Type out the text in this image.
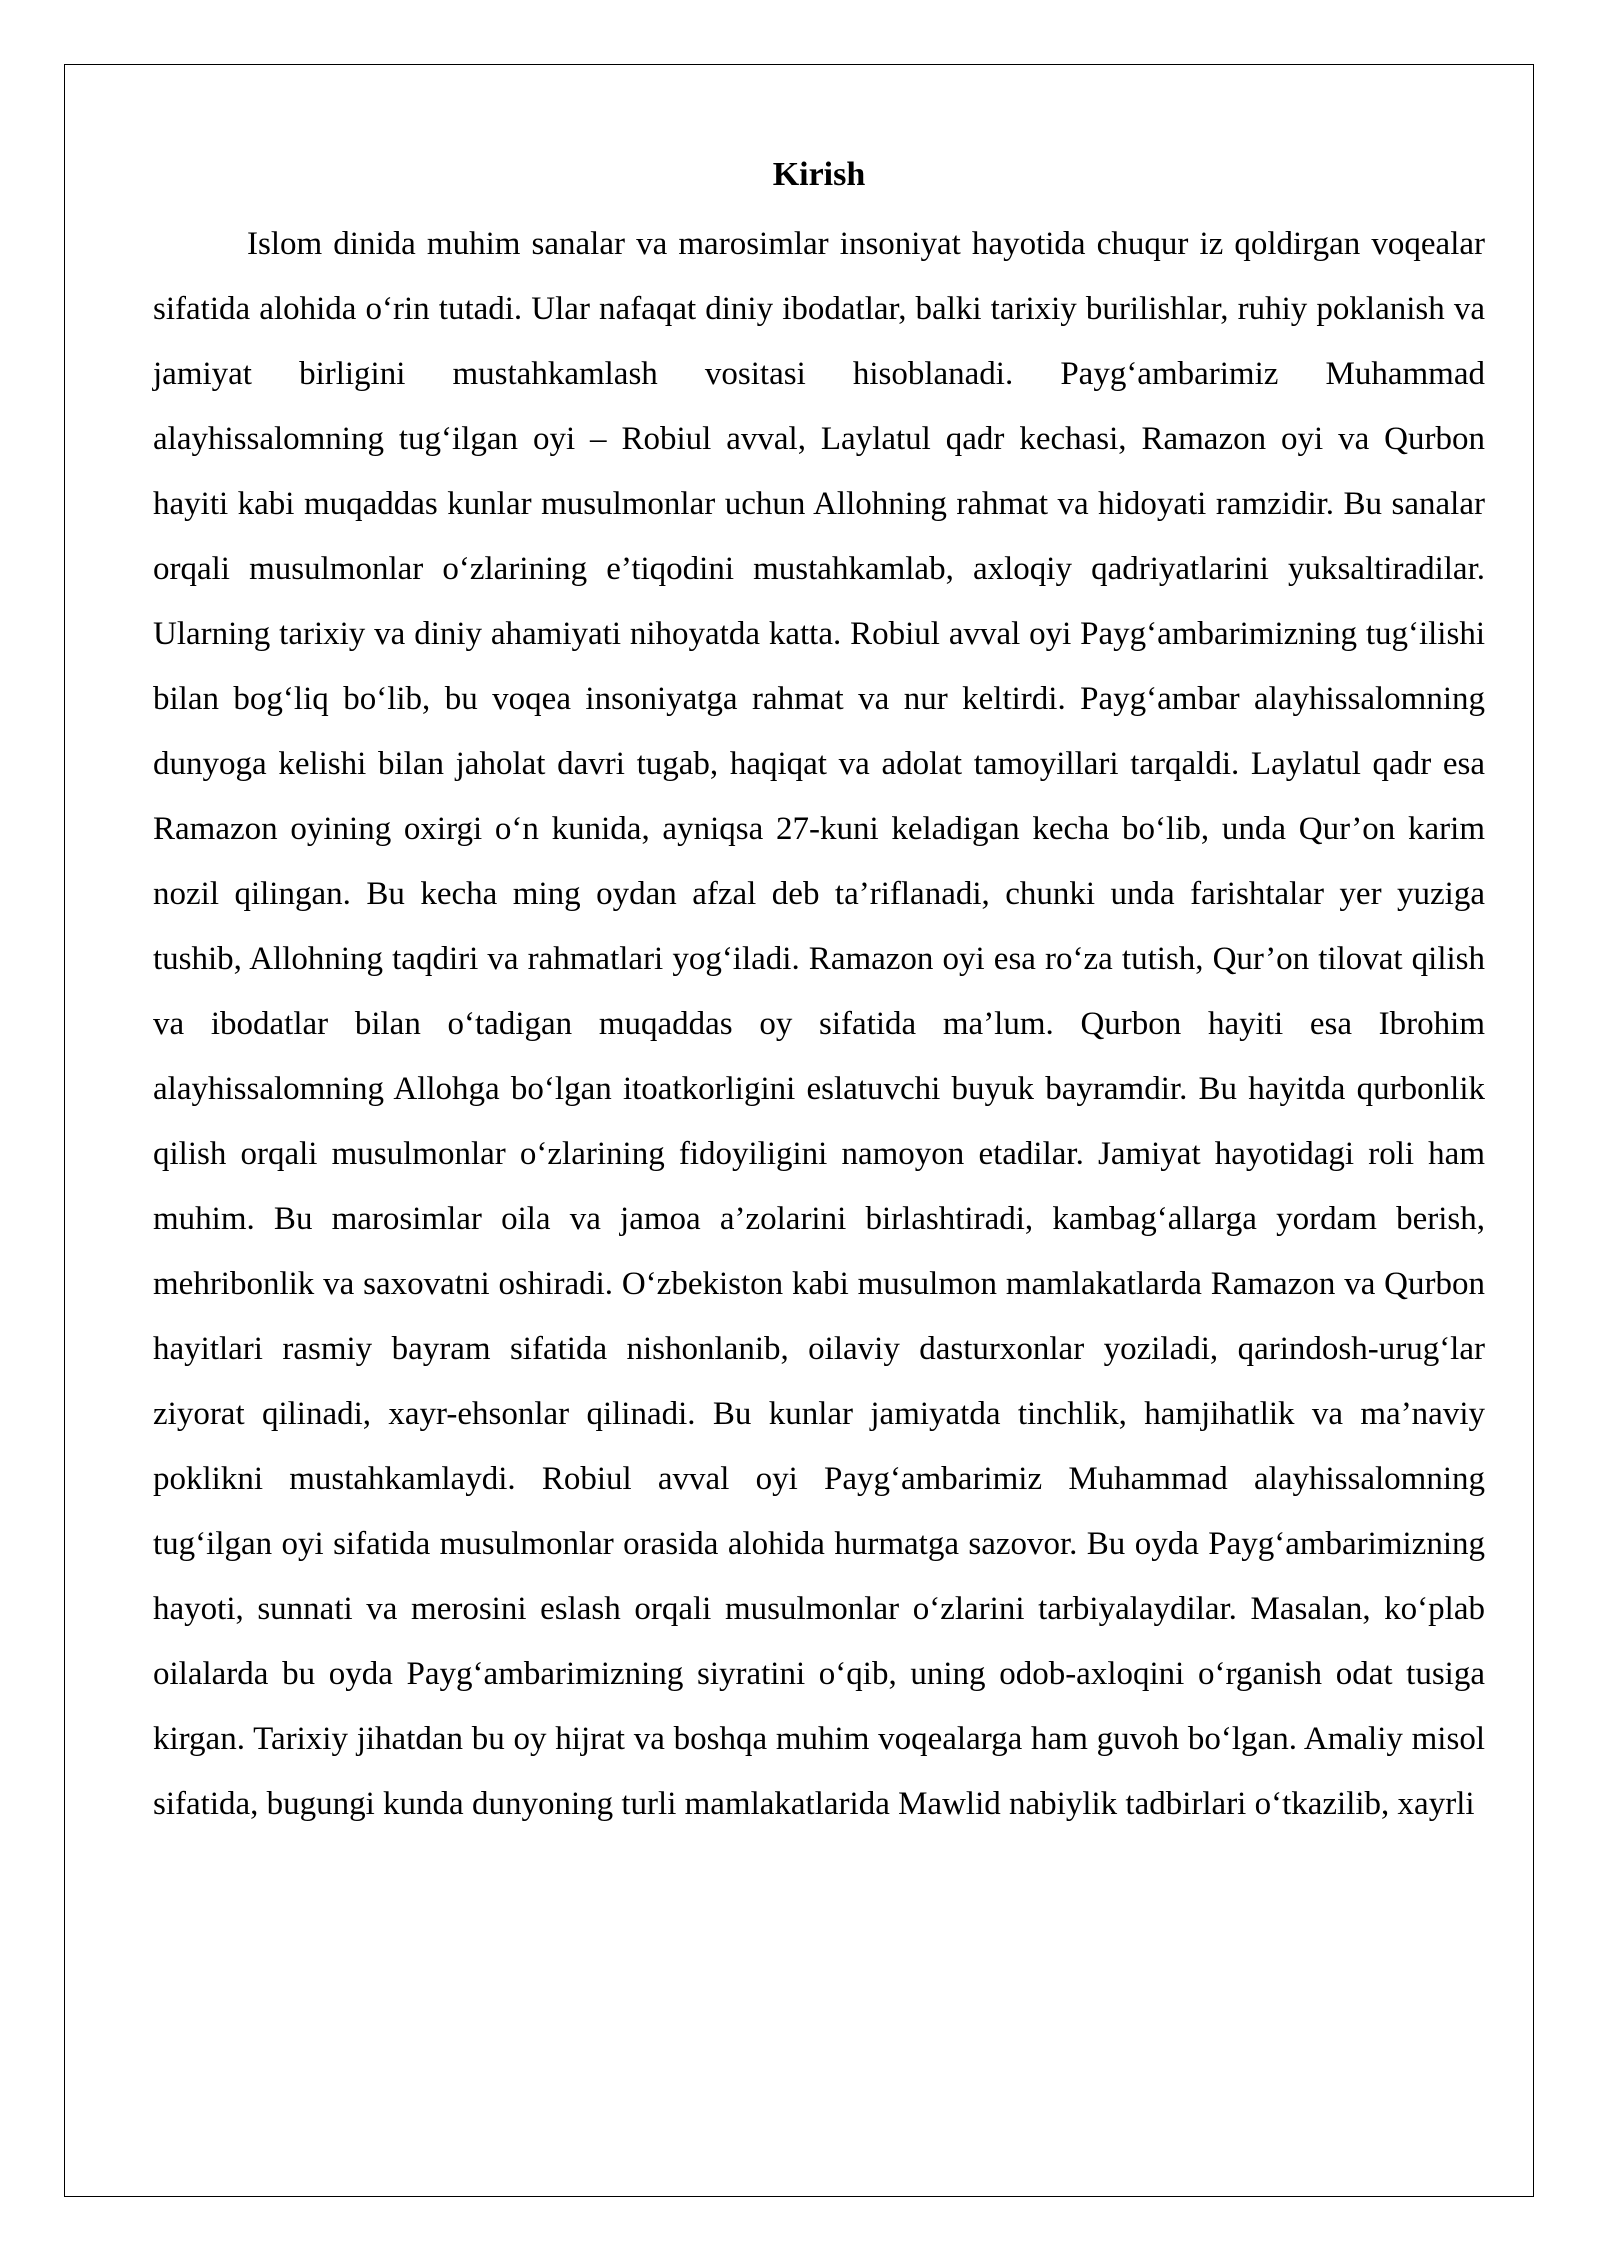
Kirish

Islom dinida muhim sanalar va marosimlar insoniyat hayotida chuqur iz qoldirgan voqealar sifatida alohida o‘rin tutadi. Ular nafaqat diniy ibodatlar, balki tarixiy burilishlar, ruhiy poklanish va jamiyat birligini mustahkamlash vositasi hisoblanadi. Payg‘ambarimiz Muhammad alayhissalomning tug‘ilgan oyi – Robiul avval, Laylatul qadr kechasi, Ramazon oyi va Qurbon hayiti kabi muqaddas kunlar musulmonlar uchun Allohning rahmat va hidoyati ramzidir. Bu sanalar orqali musulmonlar o‘zlarining e’tiqodini mustahkamlab, axloqiy qadriyatlarini yuksaltiradilar. Ularning tarixiy va diniy ahamiyati nihoyatda katta. Robiul avval oyi Payg‘ambarimizning tug‘ilishi bilan bog‘liq bo‘lib, bu voqea insoniyatga rahmat va nur keltirdi. Payg‘ambar alayhissalomning dunyoga kelishi bilan jaholat davri tugab, haqiqat va adolat tamoyillari tarqaldi. Laylatul qadr esa Ramazon oyining oxirgi o‘n kunida, ayniqsa 27-kuni keladigan kecha bo‘lib, unda Qur’on karim nozil qilingan. Bu kecha ming oydan afzal deb ta’riflanadi, chunki unda farishtalar yer yuziga tushib, Allohning taqdiri va rahmatlari yog‘iladi. Ramazon oyi esa ro‘za tutish, Qur’on tilovat qilish va ibodatlar bilan o‘tadigan muqaddas oy sifatida ma’lum. Qurbon hayiti esa Ibrohim alayhissalomning Allohga bo‘lgan itoatkorligini eslatuvchi buyuk bayramdir. Bu hayitda qurbonlik qilish orqali musulmonlar o‘zlarining fidoyiligini namoyon etadilar. Jamiyat hayotidagi roli ham muhim. Bu marosimlar oila va jamoa a’zolarini birlashtiradi, kambag‘allarga yordam berish, mehribonlik va saxovatni oshiradi. O‘zbekiston kabi musulmon mamlakatlarda Ramazon va Qurbon hayitlari rasmiy bayram sifatida nishonlanib, oilaviy dasturxonlar yoziladi, qarindosh-urug‘lar ziyorat qilinadi, xayr-ehsonlar qilinadi. Bu kunlar jamiyatda tinchlik, hamjihatlik va ma’naviy poklikni mustahkamlaydi. Robiul avval oyi Payg‘ambarimiz Muhammad alayhissalomning tug‘ilgan oyi sifatida musulmonlar orasida alohida hurmatga sazovor. Bu oyda Payg‘ambarimizning hayoti, sunnati va merosini eslash orqali musulmonlar o‘zlarini tarbiyalaydilar. Masalan, ko‘plab oilalarda bu oyda Payg‘ambarimizning siyratini o‘qib, uning odob-axloqini o‘rganish odat tusiga kirgan. Tarixiy jihatdan bu oy hijrat va boshqa muhim voqealarga ham guvoh bo‘lgan. Amaliy misol sifatida, bugungi kunda dunyoning turli mamlakatlarida Mawlid nabiylik tadbirlari o‘tkazilib, xayrli
